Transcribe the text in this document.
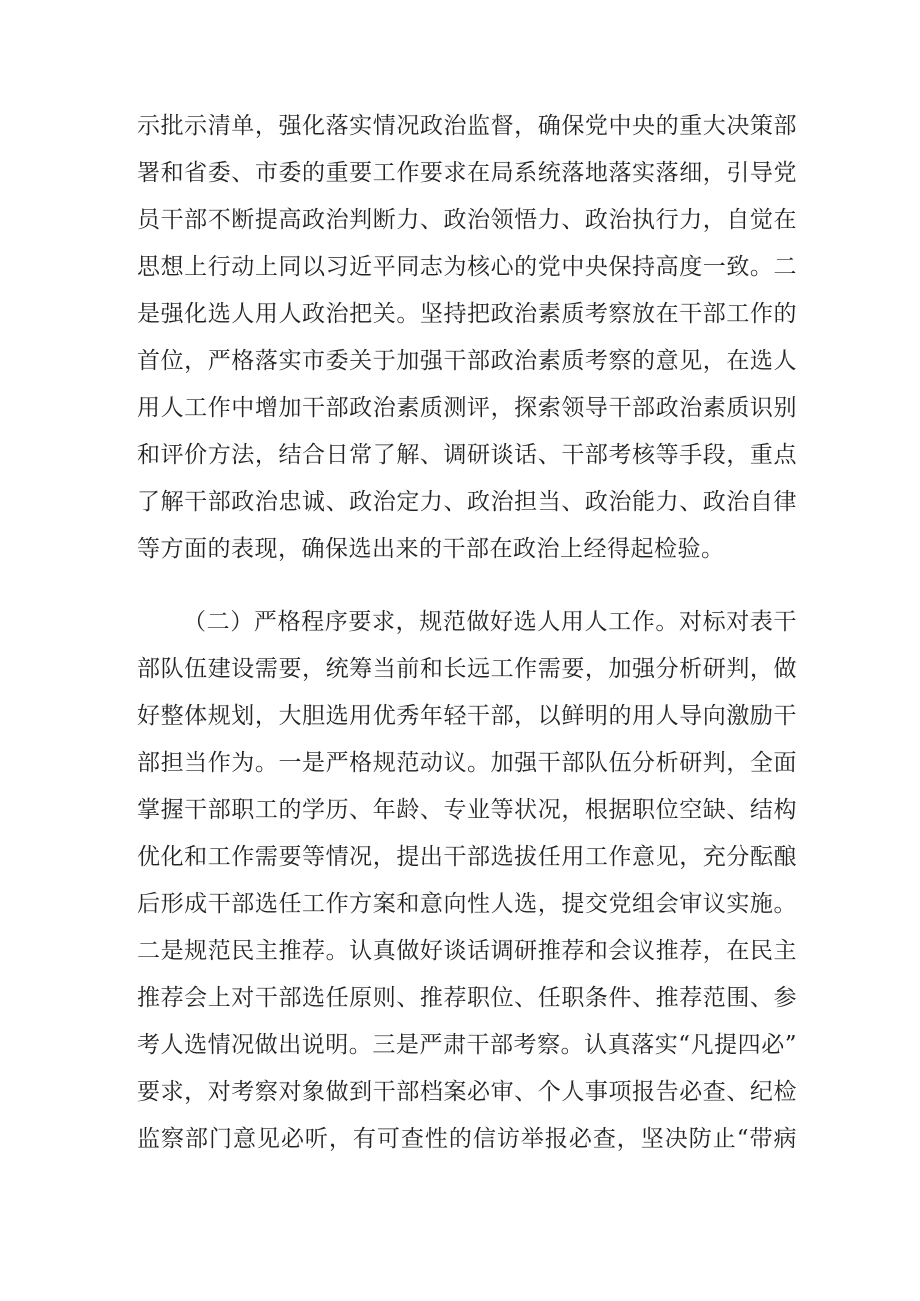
示批示清单，强化落实情况政治监督，确保党中央的重大决策部
署和省委、市委的重要工作要求在局系统落地落实落细，引导党
员干部不断提高政治判断力、政治领悟力、政治执行力，自觉在
思想上行动上同以习近平同志为核心的党中央保持高度一致。二
是强化选人用人政治把关。坚持把政治素质考察放在干部工作的
首位，严格落实市委关于加强干部政治素质考察的意见，在选人
用人工作中增加干部政治素质测评，探索领导干部政治素质识别
和评价方法，结合日常了解、调研谈话、干部考核等手段，重点
了解干部政治忠诚、政治定力、政治担当、政治能力、政治自律
等方面的表现，确保选出来的干部在政治上经得起检验。
（二）严格程序要求，规范做好选人用人工作。对标对表干
部队伍建设需要，统筹当前和长远工作需要，加强分析研判，做
好整体规划，大胆选用优秀年轻干部，以鲜明的用人导向激励干
部担当作为。一是严格规范动议。加强干部队伍分析研判，全面
掌握干部职工的学历、年龄、专业等状况，根据职位空缺、结构
优化和工作需要等情况，提出干部选拔任用工作意见，充分酝酿
后形成干部选任工作方案和意向性人选，提交党组会审议实施。
二是规范民主推荐。认真做好谈话调研推荐和会议推荐，在民主
推荐会上对干部选任原则、推荐职位、任职条件、推荐范围、参
考人选情况做出说明。三是严肃干部考察。认真落实“凡提四必”
要求，对考察对象做到干部档案必审、个人事项报告必查、纪检
监察部门意见必听，有可查性的信访举报必查，坚决防止“带病
